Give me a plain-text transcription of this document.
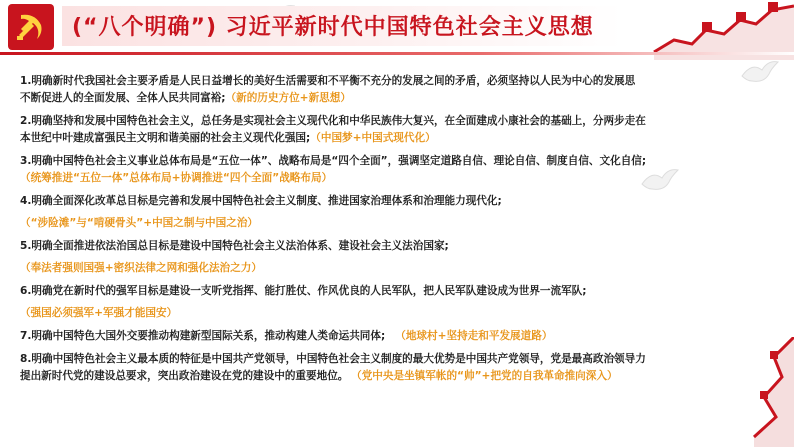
(“八个明确”) 习近平新时代中国特色社会主义思想
1.明确新时代我国社会主要矛盾是人民日益增长的美好生活需要和不平衡不充分的发展之间的矛盾，必须坚持以人民为中心的发展思
不断促进人的全面发展、全体人民共同富裕;（新的历史方位+新思想）
2.明确坚持和发展中国特色社会主义，总任务是实现社会主义现代化和中华民族伟大复兴，在全面建成小康社会的基础上，分两步走在
本世纪中叶建成富强民主文明和谐美丽的社会主义现代化强国;（中国梦+中国式现代化）
3.明确中国特色社会主义事业总体布局是“五位一体”、战略布局是“四个全面”，强调坚定道路自信、理论自信、制度自信、文化自信;
（统筹推进“五位一体”总体布局+协调推进“四个全面”战略布局）
4.明确全面深化改革总目标是完善和发展中国特色社会主义制度、推进国家治理体系和治理能力现代化;
（“涉险滩”与“啃硬骨头”+中国之制与中国之治）
5.明确全面推进依法治国总目标是建设中国特色社会主义法治体系、建设社会主义法治国家;
（奉法者强则国强+密织法律之网和强化法治之力）
6.明确党在新时代的强军目标是建设一支听党指挥、能打胜仗、作风优良的人民军队，把人民军队建设成为世界一流军队;
（强国必须强军+军强才能国安）
7.明确中国特色大国外交要推动构建新型国际关系，推动构建人类命运共同体; （地球村+坚持走和平发展道路）
8.明确中国特色社会主义最本质的特征是中国共产党领导，中国特色社会主义制度的最大优势是中国共产党领导，党是最高政治领导力
提出新时代党的建设总要求，突出政治建设在党的建设中的重要地位。 （党中央是坐镇军帐的“帅”+把党的自我革命推向深入）
